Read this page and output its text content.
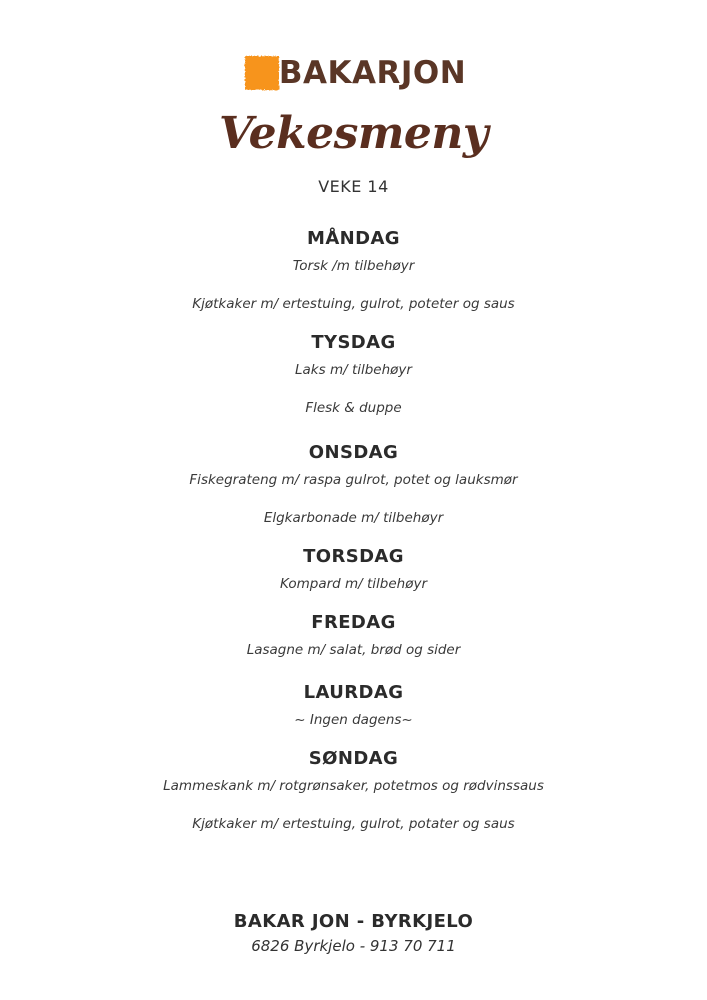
BAKARJON
Vekesmeny
VEKE 14
MÅNDAG
Torsk /m tilbehøyr
Kjøtkaker m/ ertestuing, gulrot, poteter og saus
TYSDAG
Laks m/ tilbehøyr
Flesk & duppe
ONSDAG
Fiskegrateng m/ raspa gulrot, potet og lauksmør
Elgkarbonade m/ tilbehøyr
TORSDAG
Kompard m/ tilbehøyr
FREDAG
Lasagne m/ salat, brød og sider
LAURDAG
~ Ingen dagens~
SØNDAG
Lammeskank m/ rotgrønsaker, potetmos og rødvinssaus
Kjøtkaker m/ ertestuing, gulrot, potater og saus
BAKAR JON - BYRKJELO
6826 Byrkjelo - 913 70 711
